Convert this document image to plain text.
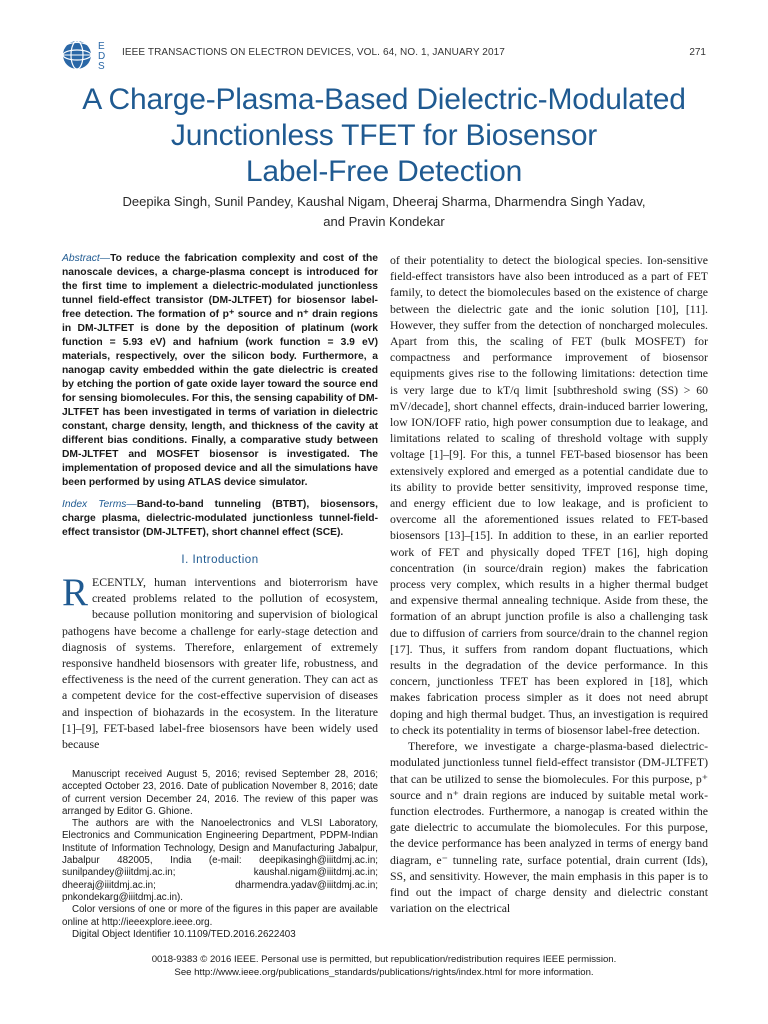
E
D
S
IEEE TRANSACTIONS ON ELECTRON DEVICES, VOL. 64, NO. 1, JANUARY 2017	271
A Charge-Plasma-Based Dielectric-Modulated
Junctionless TFET for Biosensor
Label-Free Detection
Deepika Singh, Sunil Pandey, Kaushal Nigam, Dheeraj Sharma, Dharmendra Singh Yadav,
and Pravin Kondekar

Abstract—To reduce the fabrication complexity and cost of the nanoscale devices, a charge-plasma concept is introduced for the first time to implement a dielectric-modulated junctionless tunnel field-effect transistor (DM-JLTFET) for biosensor label-free detection. The formation of p⁺ source and n⁺ drain regions in DM-JLTFET is done by the deposition of platinum (work function = 5.93 eV) and hafnium (work function = 3.9 eV) materials, respectively, over the silicon body. Furthermore, a nanogap cavity embedded within the gate dielectric is created by etching the portion of gate oxide layer toward the source end for sensing biomolecules. For this, the sensing capability of DM-JLTFET has been investigated in terms of variation in dielectric constant, charge density, length, and thickness of the cavity at different bias conditions. Finally, a comparative study between DM-JLTFET and MOSFET biosensor is investigated. The implementation of proposed device and all the simulations have been performed by using ATLAS device simulator.

Index Terms—Band-to-band tunneling (BTBT), biosensors, charge plasma, dielectric-modulated junctionless tunnel-field-effect transistor (DM-JLTFET), short channel effect (SCE).

I. Introduction

RECENTLY, human interventions and bioterrorism have created problems related to the pollution of ecosystem, because pollution monitoring and supervision of biological pathogens have become a challenge for early-stage detection and diagnosis of systems. Therefore, enlargement of extremely responsive handheld biosensors with greater life, robustness, and effectiveness is the need of the current generation. They can act as a competent device for the cost-effective supervision of diseases and inspection of biohazards in the ecosystem. In the literature [1]–[9], FET-based label-free biosensors have been widely used because

Manuscript received August 5, 2016; revised September 28, 2016; accepted October 23, 2016. Date of publication November 8, 2016; date of current version December 24, 2016. The review of this paper was arranged by Editor G. Ghione.

The authors are with the Nanoelectronics and VLSI Laboratory, Electronics and Communication Engineering Department, PDPM-Indian Institute of Information Technology, Design and Manufacturing Jabalpur, Jabalpur 482005, India (e-mail: deepikasingh@iiitdmj.ac.in; sunilpandey@iiitdmj.ac.in; kaushal.nigam@iiitdmj.ac.in; dheeraj@iiitdmj.ac.in; dharmendra.yadav@iiitdmj.ac.in; pnkondekarg@iiitdmj.ac.in).

Color versions of one or more of the figures in this paper are available online at http://ieeexplore.ieee.org.

Digital Object Identifier 10.1109/TED.2016.2622403

of their potentiality to detect the biological species. Ion-sensitive field-effect transistors have also been introduced as a part of FET family, to detect the biomolecules based on the existence of charge between the dielectric gate and the ionic solution [10], [11]. However, they suffer from the detection of noncharged molecules. Apart from this, the scaling of FET (bulk MOSFET) for compactness and performance improvement of biosensor equipments gives rise to the following limitations: detection time is very large due to kT/q limit [subthreshold swing (SS) > 60 mV/decade], short channel effects, drain-induced barrier lowering, low ION/IOFF ratio, high power consumption due to leakage, and limitations related to scaling of threshold voltage with supply voltage [1]–[9]. For this, a tunnel FET-based biosensor has been extensively explored and emerged as a potential candidate due to its ability to provide better sensitivity, improved response time, and energy efficient due to low leakage, and is proficient to overcome all the aforementioned issues related to FET-based biosensors [13]–[15]. In addition to these, in an earlier reported work of FET and physically doped TFET [16], high doping concentration (in source/drain region) makes the fabrication process very complex, which results in a higher thermal budget and expensive thermal annealing technique. Aside from these, the formation of an abrupt junction profile is also a challenging task due to diffusion of carriers from source/drain to the channel region [17]. Thus, it suffers from random dopant fluctuations, which results in the degradation of the device performance. In this concern, junctionless TFET has been explored in [18], which makes fabrication process simpler as it does not need abrupt doping and high thermal budget. Thus, an investigation is required to check its potentiality in terms of biosensor label-free detection.

Therefore, we investigate a charge-plasma-based dielectric-modulated junctionless tunnel field-effect transistor (DM-JLTFET) that can be utilized to sense the biomolecules. For this purpose, p⁺ source and n⁺ drain regions are induced by suitable metal work-function electrodes. Furthermore, a nanogap is created within the gate dielectric to accumulate the biomolecules. For this purpose, the device performance has been analyzed in terms of energy band diagram, e⁻ tunneling rate, surface potential, drain current (Ids), SS, and sensitivity. However, the main emphasis in this paper is to find out the impact of charge density and dielectric constant variation on the electrical

0018-9383 © 2016 IEEE. Personal use is permitted, but republication/redistribution requires IEEE permission.
See http://www.ieee.org/publications_standards/publications/rights/index.html for more information.
